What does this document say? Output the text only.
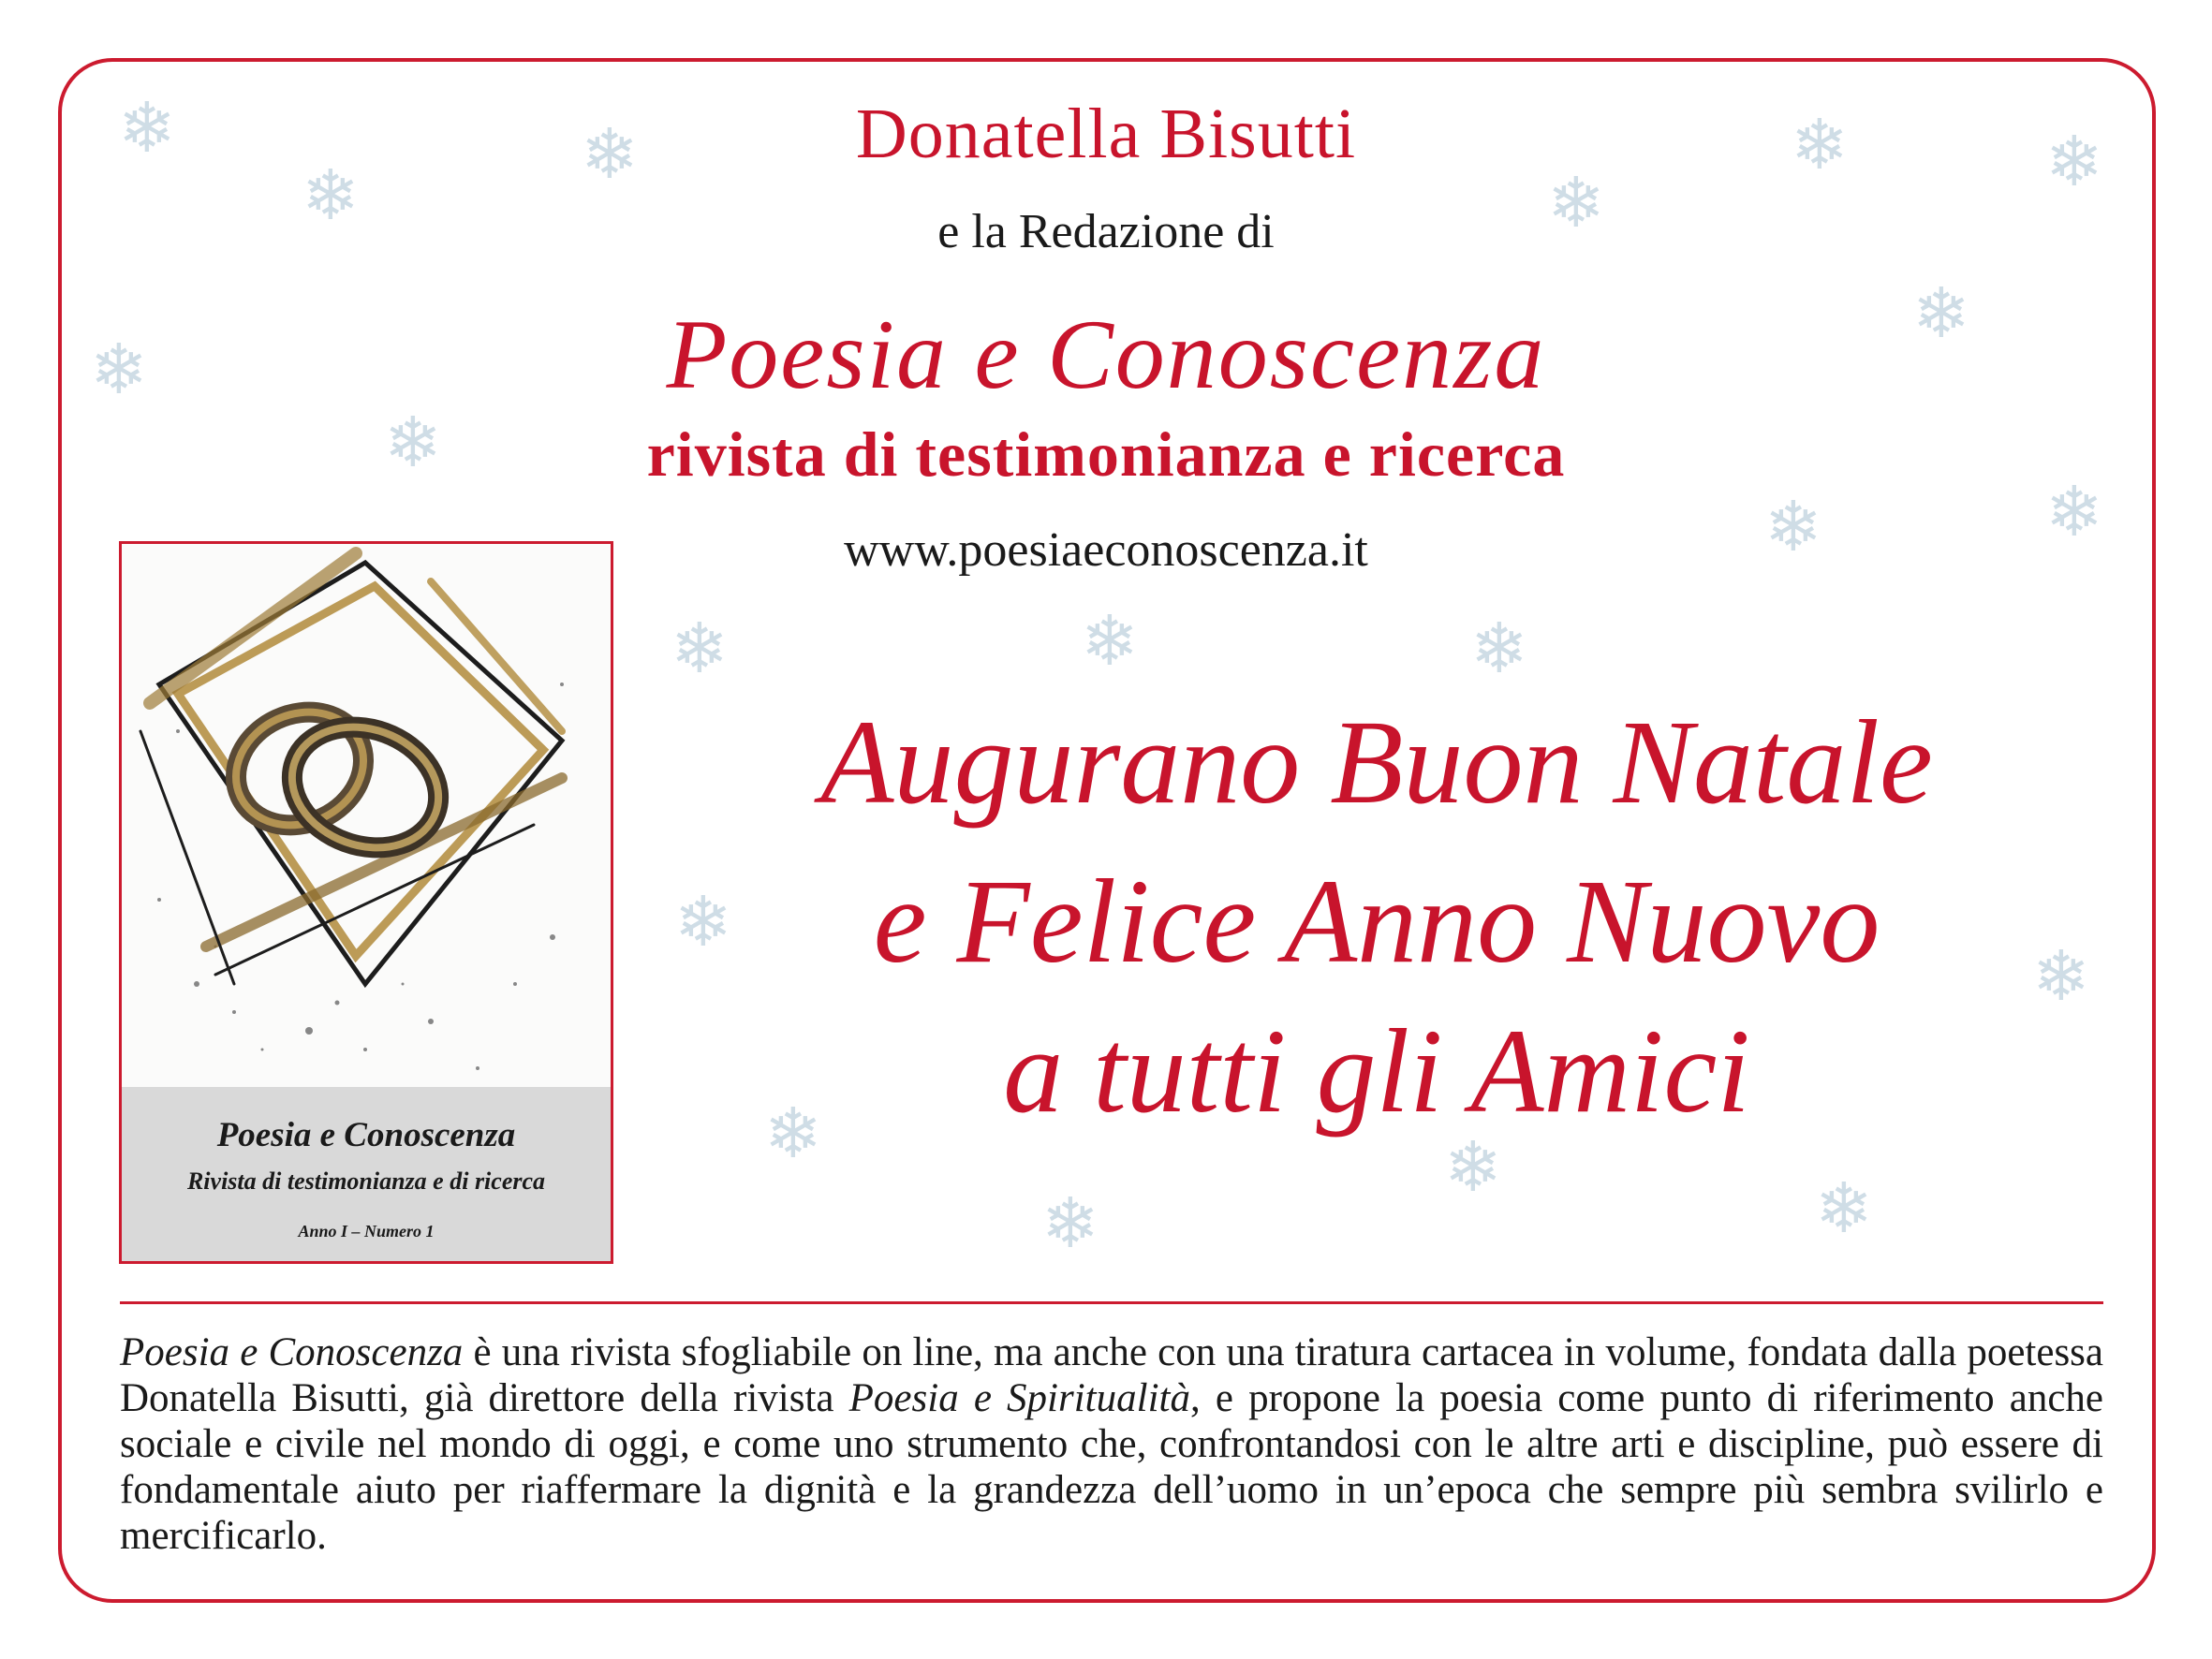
❄	❄
❄	❄
❄	❄
❄
❄
❄
❄	❄
❄	❄	❄
❄
❄
❄	❄
❄
❄
Donatella Bisutti
e la Redazione di
Poesia e Conoscenza
rivista di testimonianza e ricerca
www.poesiaeconoscenza.it
Poesia e Conoscenza
Rivista di testimonianza e di ricerca
Anno I – Numero 1
Augurano Buon Natale
e Felice Anno Nuovo
a tutti gli Amici
Poesia e Conoscenza è una rivista sfogliabile on line, ma anche con una tiratura cartacea in volume, fondata dalla poetessa Donatella Bisutti, già direttore della rivista Poesia e Spiritualità, e propone la poesia come punto di riferimento anche sociale e civile nel mondo di oggi, e come uno strumento che, confrontandosi con le altre arti e discipline, può essere di fondamentale aiuto per riaffermare la dignità e la grandezza dell’uomo in un’epoca che sempre più sembra svilirlo e mercificarlo.
